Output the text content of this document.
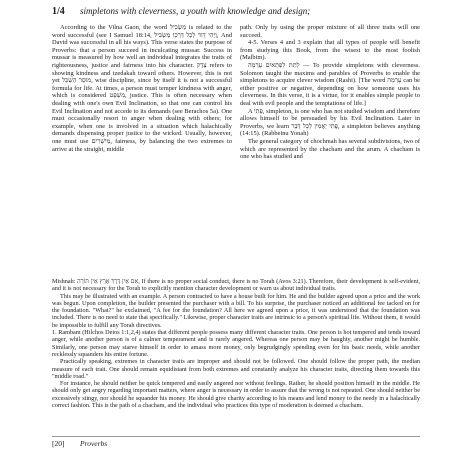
1/4	simpletons with cleverness, a youth with knowledge and design;

According to the Vilna Gaon, the word מַשְׂכִּיל is related to the word successful (see I Samuel 18:14, וַיְהִי דָוִד לְכָל דְּרָכָו מַשְׂכִּיל, And David was successful in all his ways). This verse states the purpose of Proverbs: that a person succeed in inculcating mussar. Success in mussar is measured by how well an individual integrates the traits of righteousness, justice and fairness into his character. צֶדֶק refers to showing kindness and tzedakah toward others. However, this is not yet מוּסַר הַשְׂכֵּל, wise discipline, since by itself it is not a successful formula for life. At times, a person must temper kindness with anger, which is considered מִשְׁפָּט, justice. This is often necessary when dealing with one's own Evil Inclination, so that one can control his Evil Inclination and not accede to its demands (see Berachos 5a). One must occasionally resort to anger when dealing with others; for example, when one is involved in a situation which halachically demands dispensing proper justice to the wicked. Usually, however, one must use מֵישָׁרִים, fairness, by balancing the two extremes to arrive at the straight, middle

path. Only by using the proper mixture of all three traits will one succeed.

4-5. Verses 4 and 3 explain that all types of people will benefit from studying this Book, from the wisest to the most foolish (Malbim).

לָתֵת לִפְתָאיִם עָרְמָה — To provide simpletons with cleverness. Solomon taught the maxims and parables of Proverbs to enable the simpletons to acquire clever wisdom (Rashi). [The word עָרְמָה can be either positive or negative, depending on how someone uses his cleverness. In this verse, it is a virtue, for it enables simple people to deal with evil people and the temptations of life.]

A פֶּתִי, simpleton, is one who has not studied wisdom and therefore allows himself to be persuaded by his Evil Inclination. Later in Proverbs, we learn פֶּתִי יַאֲמִין לְכָל דָּבָר, a simpleton believes anything (14:15). (Rabbeinu Yonah)

The general category of chochmah has several subdivisions, two of which are represented by the chacham and the arum. A chacham is one who has studied and

Mishnah: אִם אֵין דֶּרֶךְ אֶרֶץ אֵין תּוֹרָה, If there is no proper social conduct, there is no Torah (Avos 3:21). Therefore, their development is self-evident, and it is not necessary for the Torah to explicitly mention character development or warn us about individual traits.

This may be illustrated with an example. A person contracted to have a house built for him. He and the builder agreed upon a price and the work was begun. Upon completion, the builder presented the purchaser with a bill. To his surprise, the purchaser noticed an additional fee tacked on for the foundation. "What?" he exclaimed, "A fee for the foundation? All here we agreed upon a price, it was understood that the foundation was included. There is no need to state that specifically." Likewise, proper character traits are intrinsic to a person's spiritual life. Without them, it would be impossible to fulfill any Torah directives.

1. Rambam (Hilchos Deios 1:1,2,4) states that different people possess many different character traits. One person is hot tempered and tends toward anger, while another person is of a calmer temperament and is rarely angered. Whereas one person may be haughty, another might be humble. Similarly, one person may starve himself in order to amass more money, only begrudgingly spending even for his basic needs, while another recklessly squanders his entire fortune.

Practically speaking, extremes in character traits are improper and should not be followed. One should follow the proper path, the median measure of each trait. One should remain equidistant from both extremes and constantly analyze his character traits, directing them towards this "middle road."

For instance, he should neither be quick tempered and easily angered nor without feelings. Rather, he should position himself in the middle. He should only get angry regarding important matters, where anger is necessary in order to assure that the wrong is not repeated. One should neither be excessively stingy, nor should he squander his money. He should give charity according to his means and lend money to the needy in a halachically correct fashion. This is the path of a chacham, and the individual who practices this type of moderation is deemed a chacham.

[20]	Proverbs
